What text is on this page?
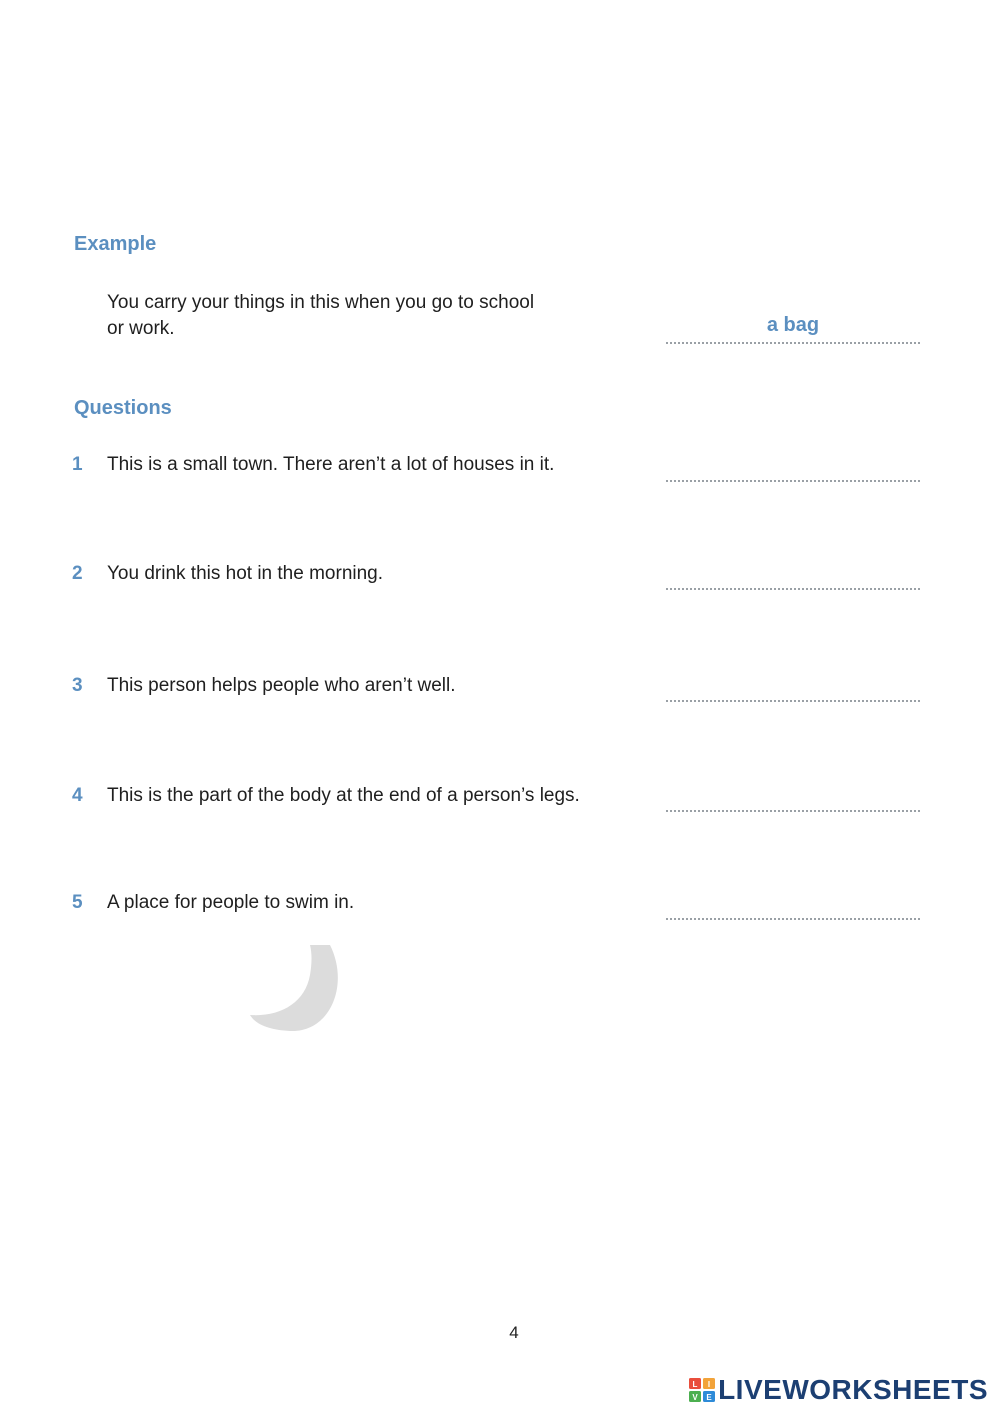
Example
You carry your things in this when you go to school
or work.	a bag
Questions
1 This is a small town. There aren’t a lot of houses in it.
2 You drink this hot in the morning.
3 This person helps people who aren’t well.
4 This is the part of the body at the end of a person’s legs.
5 A place for people to swim in.
4
L I
V E LIVEWORKSHEETS
